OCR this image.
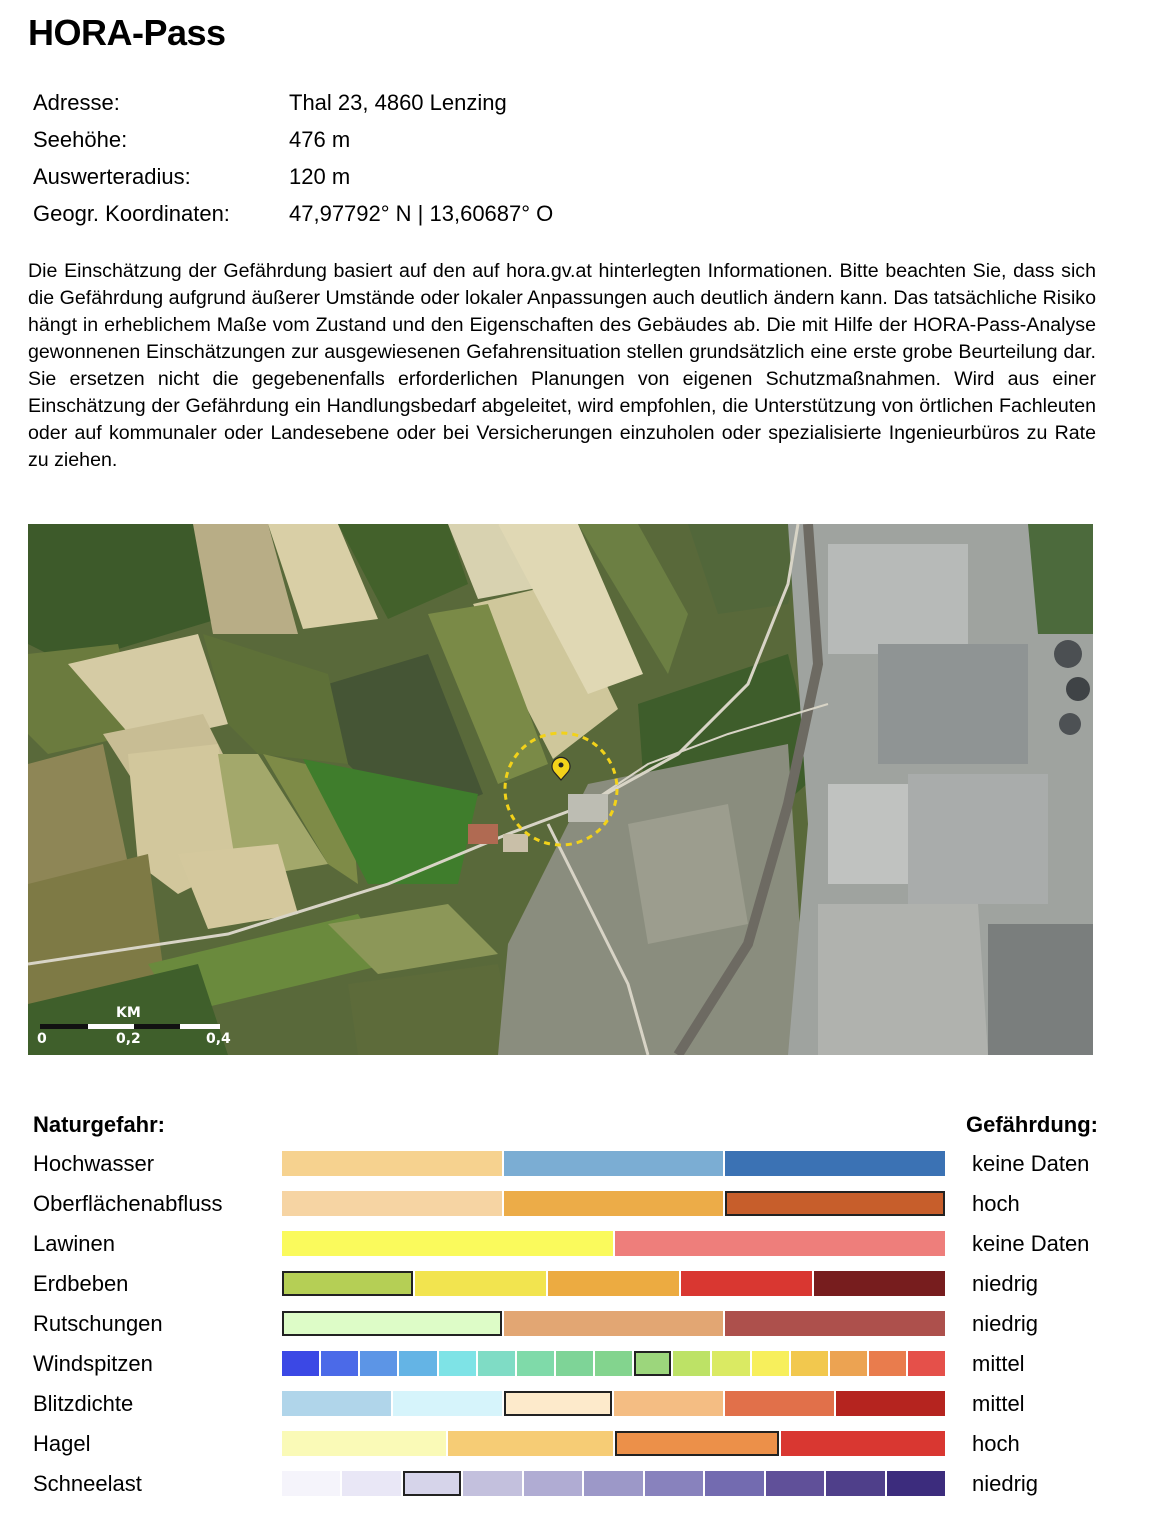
HORA-Pass
Adresse:	Thal 23, 4860 Lenzing
Seehöhe:	476 m
Auswerteradius:	120 m
Geogr. Koordinaten:	47,97792° N | 13,60687° O
Die Einschätzung der Gefährdung basiert auf den auf hora.gv.at hinterlegten Informationen. Bitte beachten Sie, dass sich die Gefährdung aufgrund äußerer Umstände oder lokaler Anpassungen auch deutlich ändern kann. Das tatsächliche Risiko hängt in erheblichem Maße vom Zustand und den Eigenschaften des Gebäudes ab. Die mit Hilfe der HORA-Pass-Analyse gewonnenen Einschätzungen zur ausgewiesenen Gefahrensituation stellen grundsätzlich eine erste grobe Beurteilung dar. Sie ersetzen nicht die gegebenenfalls erforderlichen Planungen von eigenen Schutzmaßnahmen. Wird aus einer Einschätzung der Gefährdung ein Handlungsbedarf abgeleitet, wird empfohlen, die Unterstützung von örtlichen Fachleuten oder auf kommunaler oder Landesebene oder bei Versicherungen einzuholen oder spezialisierte Ingenieurbüros zu Rate zu ziehen.
KM
0	0,2	0,4
Naturgefahr:	Gefährdung:
Hochwasser	keine Daten
Oberflächenabfluss	hoch
Lawinen	keine Daten
Erdbeben	niedrig
Rutschungen	niedrig
Windspitzen	mittel
Blitzdichte	mittel
Hagel	hoch
Schneelast	niedrig
